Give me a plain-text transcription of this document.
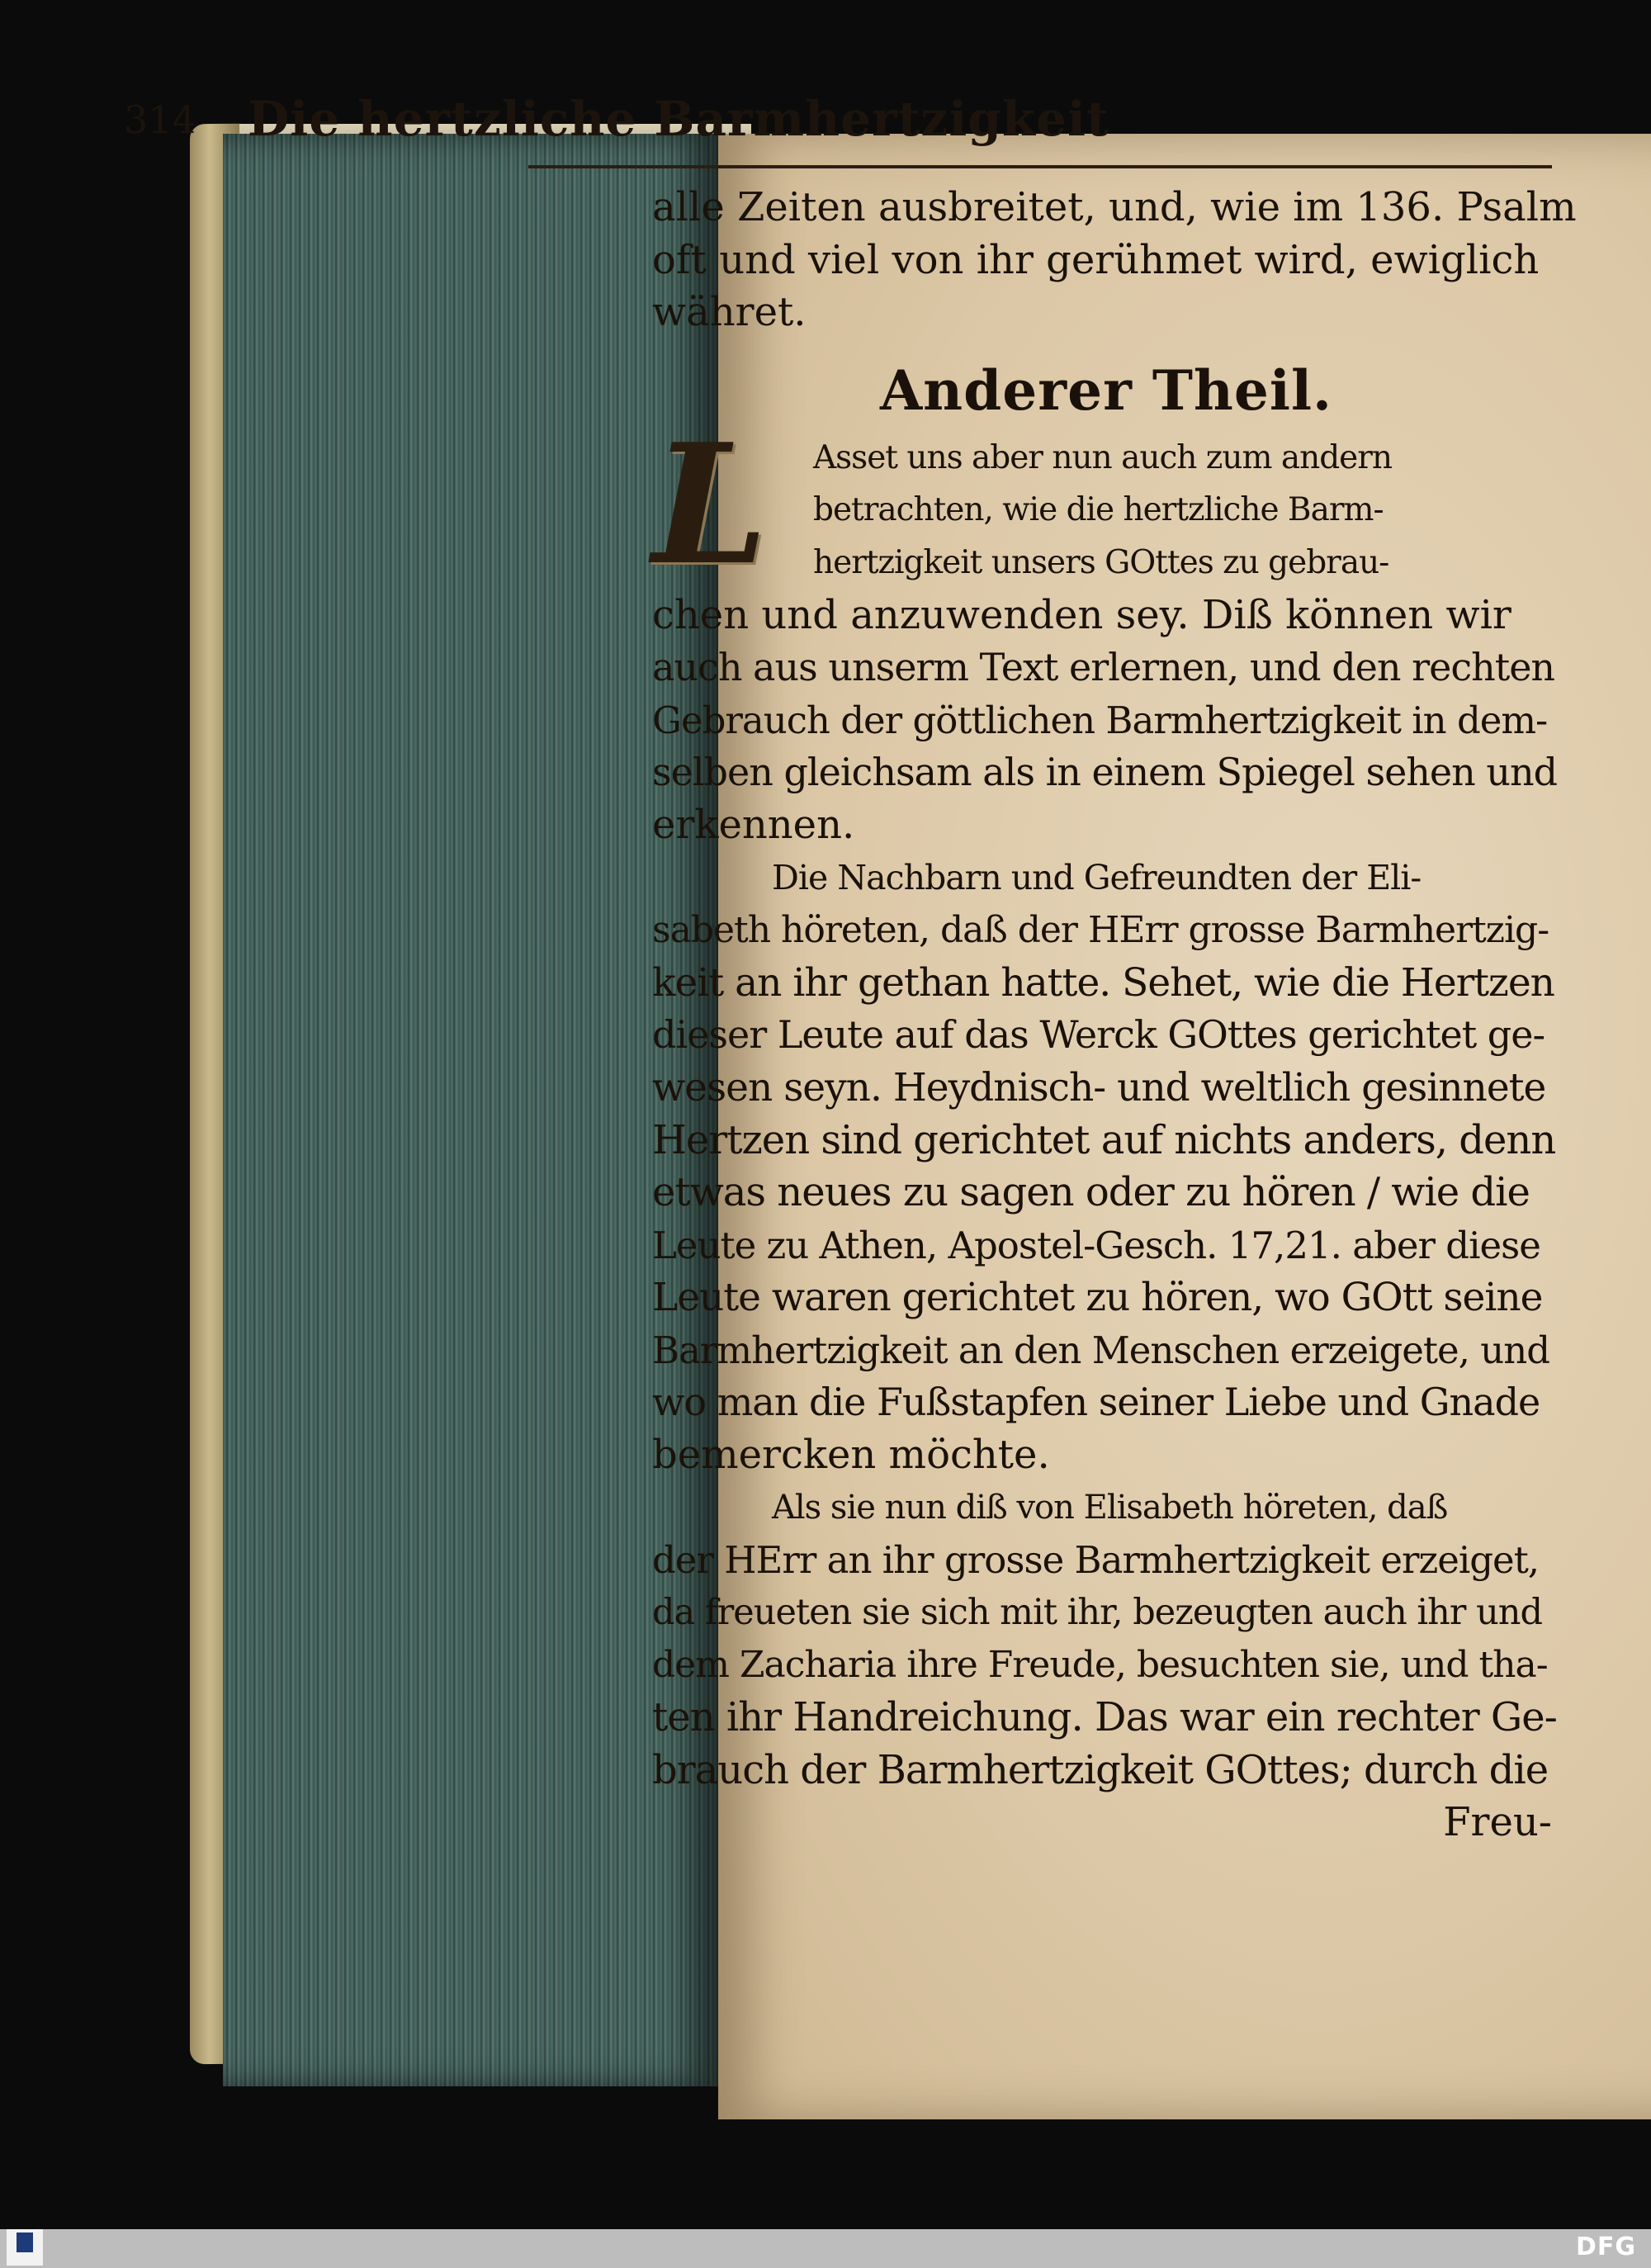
314 Die hertzliche Barmhertzigkeit
alle Zeiten ausbreitet, und, wie im 136. Psalm
oft und viel von ihr gerühmet wird, ewiglich
währet.
Anderer Theil.
L	Asset uns aber nun auch zum andern
betrachten, wie die hertzliche Barm-
hertzigkeit unsers GOttes zu gebrau-
chen und anzuwenden sey. Diß können wir
auch aus unserm Text erlernen, und den rechten
Gebrauch der göttlichen Barmhertzigkeit in dem-
selben gleichsam als in einem Spiegel sehen und
erkennen.
Die Nachbarn und Gefreundten der Eli-
sabeth höreten, daß der HErr grosse Barmhertzig-
keit an ihr gethan hatte. Sehet, wie die Hertzen
dieser Leute auf das Werck GOttes gerichtet ge-
wesen seyn. Heydnisch- und weltlich gesinnete
Hertzen sind gerichtet auf nichts anders, denn
etwas neues zu sagen oder zu hören / wie die
Leute zu Athen, Apostel-Gesch. 17,21. aber diese
Leute waren gerichtet zu hören, wo GOtt seine
Barmhertzigkeit an den Menschen erzeigete, und
wo man die Fußstapfen seiner Liebe und Gnade
bemercken möchte.
Als sie nun diß von Elisabeth höreten, daß
der HErr an ihr grosse Barmhertzigkeit erzeiget,
da freueten sie sich mit ihr, bezeugten auch ihr und
dem Zacharia ihre Freude, besuchten sie, und tha-
ten ihr Handreichung. Das war ein rechter Ge-
brauch der Barmhertzigkeit GOttes; durch die
Freu-
DFG
